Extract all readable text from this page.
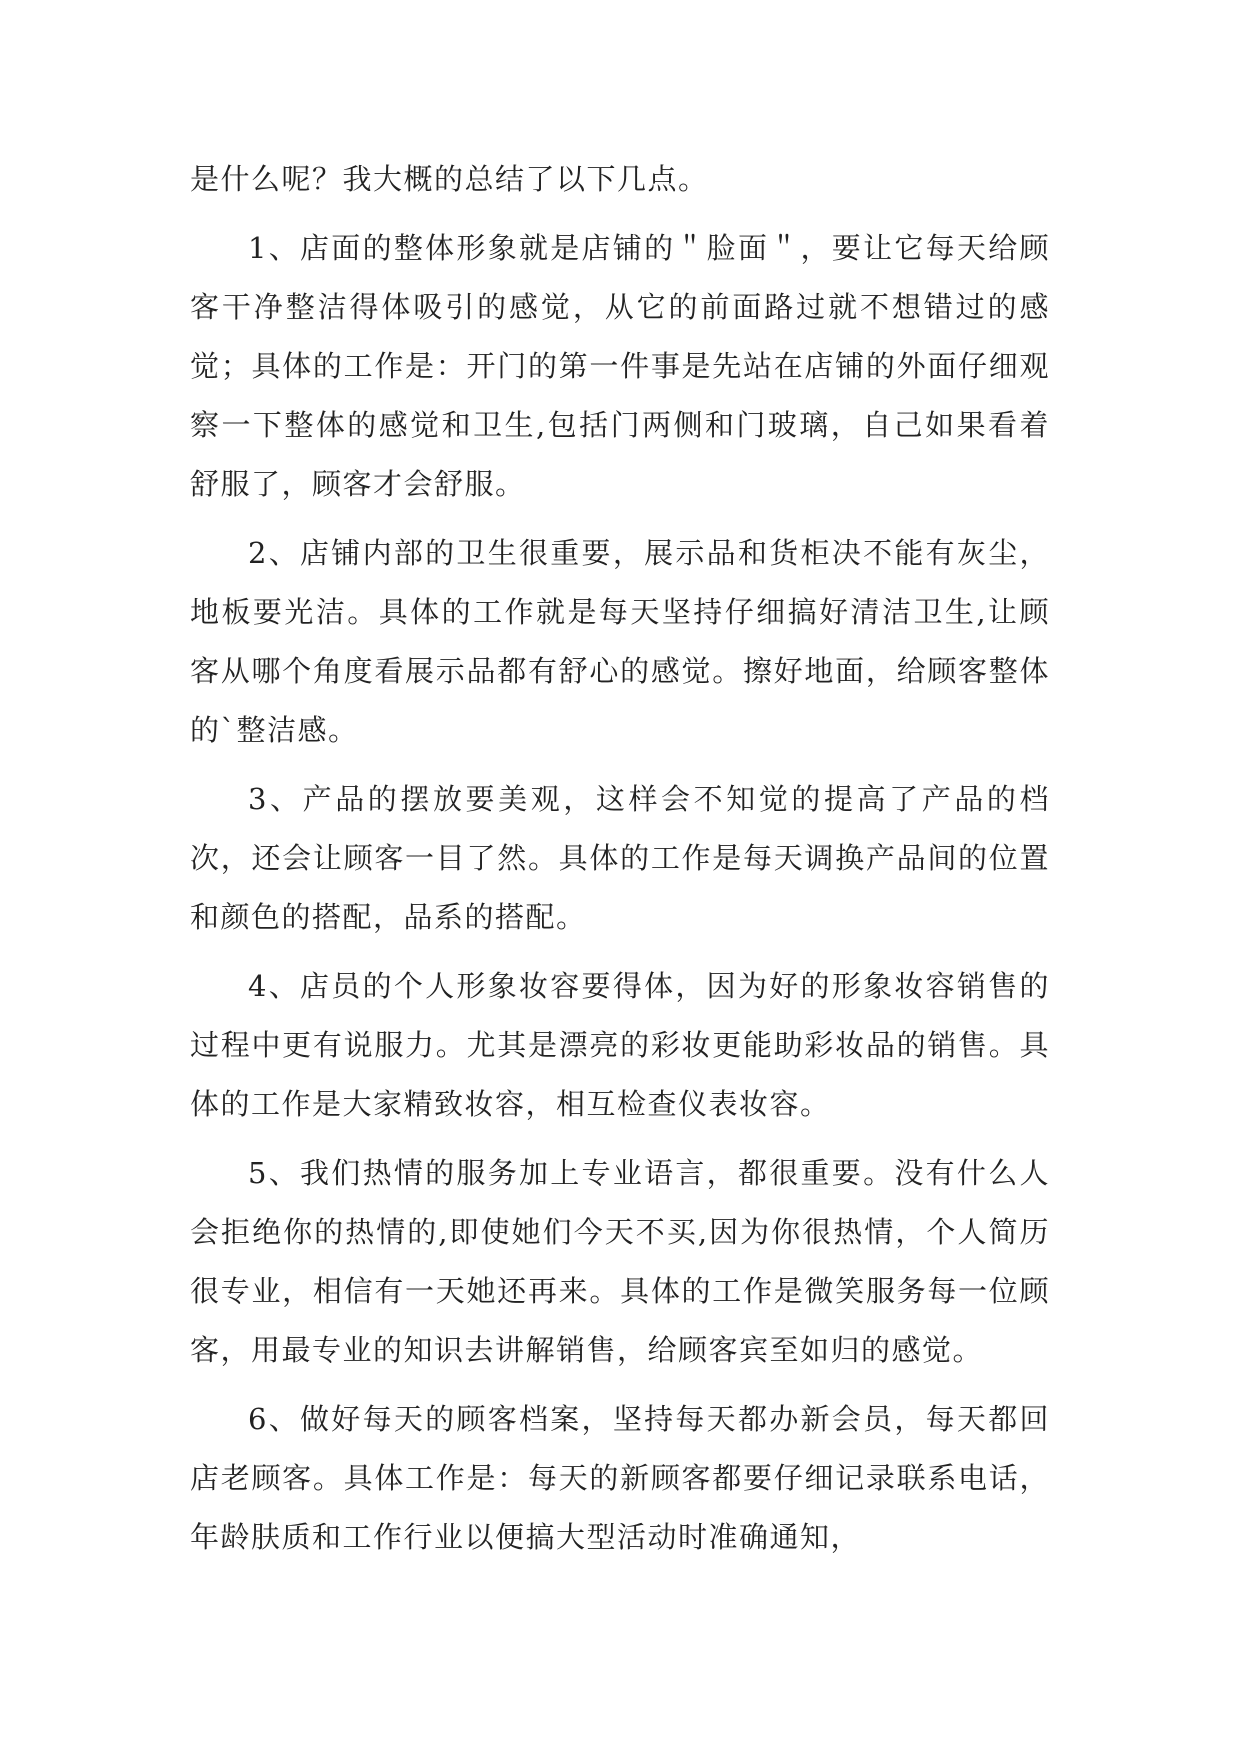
是什么呢？我大概的总结了以下几点。

1、店面的整体形象就是店铺的＂脸面＂，要让它每天给顾客干净整洁得体吸引的感觉，从它的前面路过就不想错过的感觉；具体的工作是：开门的第一件事是先站在店铺的外面仔细观察一下整体的感觉和卫生,包括门两侧和门玻璃，自己如果看着舒服了，顾客才会舒服。

2、店铺内部的卫生很重要，展示品和货柜决不能有灰尘，地板要光洁。具体的工作就是每天坚持仔细搞好清洁卫生,让顾客从哪个角度看展示品都有舒心的感觉。擦好地面，给顾客整体的`整洁感。

3、产品的摆放要美观，这样会不知觉的提高了产品的档次，还会让顾客一目了然。具体的工作是每天调换产品间的位置和颜色的搭配，品系的搭配。

4、店员的个人形象妆容要得体，因为好的形象妆容销售的过程中更有说服力。尤其是漂亮的彩妆更能助彩妆品的销售。具体的工作是大家精致妆容，相互检查仪表妆容。

5、我们热情的服务加上专业语言，都很重要。没有什么人会拒绝你的热情的,即使她们今天不买,因为你很热情，个人简历很专业，相信有一天她还再来。具体的工作是微笑服务每一位顾客，用最专业的知识去讲解销售，给顾客宾至如归的感觉。

6、做好每天的顾客档案，坚持每天都办新会员，每天都回店老顾客。具体工作是：每天的新顾客都要仔细记录联系电话，年龄肤质和工作行业以便搞大型活动时准确通知，
